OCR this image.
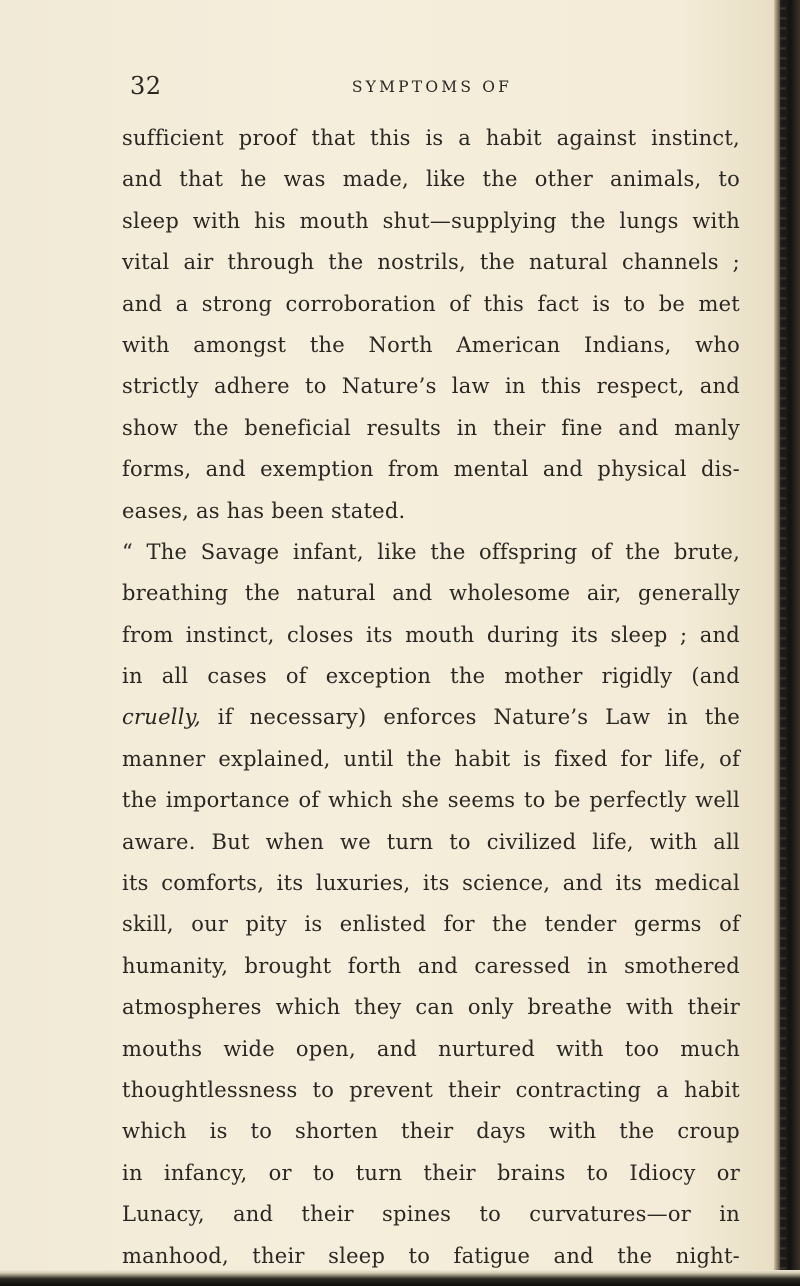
32	SYMPTOMS OF
sufficient proof that this is a habit against instinct,
and that he was made, like the other animals, to
sleep with his mouth shut—supplying the lungs with
vital air through the nostrils, the natural channels ;
and a strong corroboration of this fact is to be met
with amongst the North American Indians, who
strictly adhere to Nature’s law in this respect, and
show the beneficial results in their fine and manly
forms, and exemption from mental and physical dis-
eases, as has been stated.
“ The Savage infant, like the offspring of the brute,
breathing the natural and wholesome air, generally
from instinct, closes its mouth during its sleep ; and
in all cases of exception the mother rigidly (and
cruelly, if necessary) enforces Nature’s Law in the
manner explained, until the habit is fixed for life, of
the importance of which she seems to be perfectly well
aware. But when we turn to civilized life, with all
its comforts, its luxuries, its science, and its medical
skill, our pity is enlisted for the tender germs of
humanity, brought forth and caressed in smothered
atmospheres which they can only breathe with their
mouths wide open, and nurtured with too much
thoughtlessness to prevent their contracting a habit
which is to shorten their days with the croup
in infancy, or to turn their brains to Idiocy or
Lunacy, and their spines to curvatures—or in
manhood, their sleep to fatigue and the night-
